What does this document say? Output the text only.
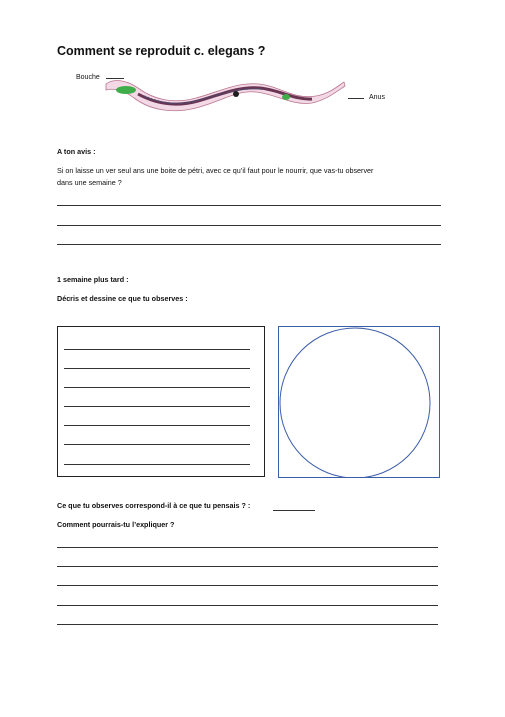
Comment se reproduit c. elegans ?
Bouche
Anus
A ton avis :
Si on laisse un ver seul ans une boite de pétri, avec ce qu’il faut pour le nourrir, que vas-tu observer
dans une semaine ?
1 semaine plus tard :
Décris et dessine ce que tu observes :
Ce que tu observes correspond-il à ce que tu pensais ? :
Comment pourrais-tu l’expliquer ?
